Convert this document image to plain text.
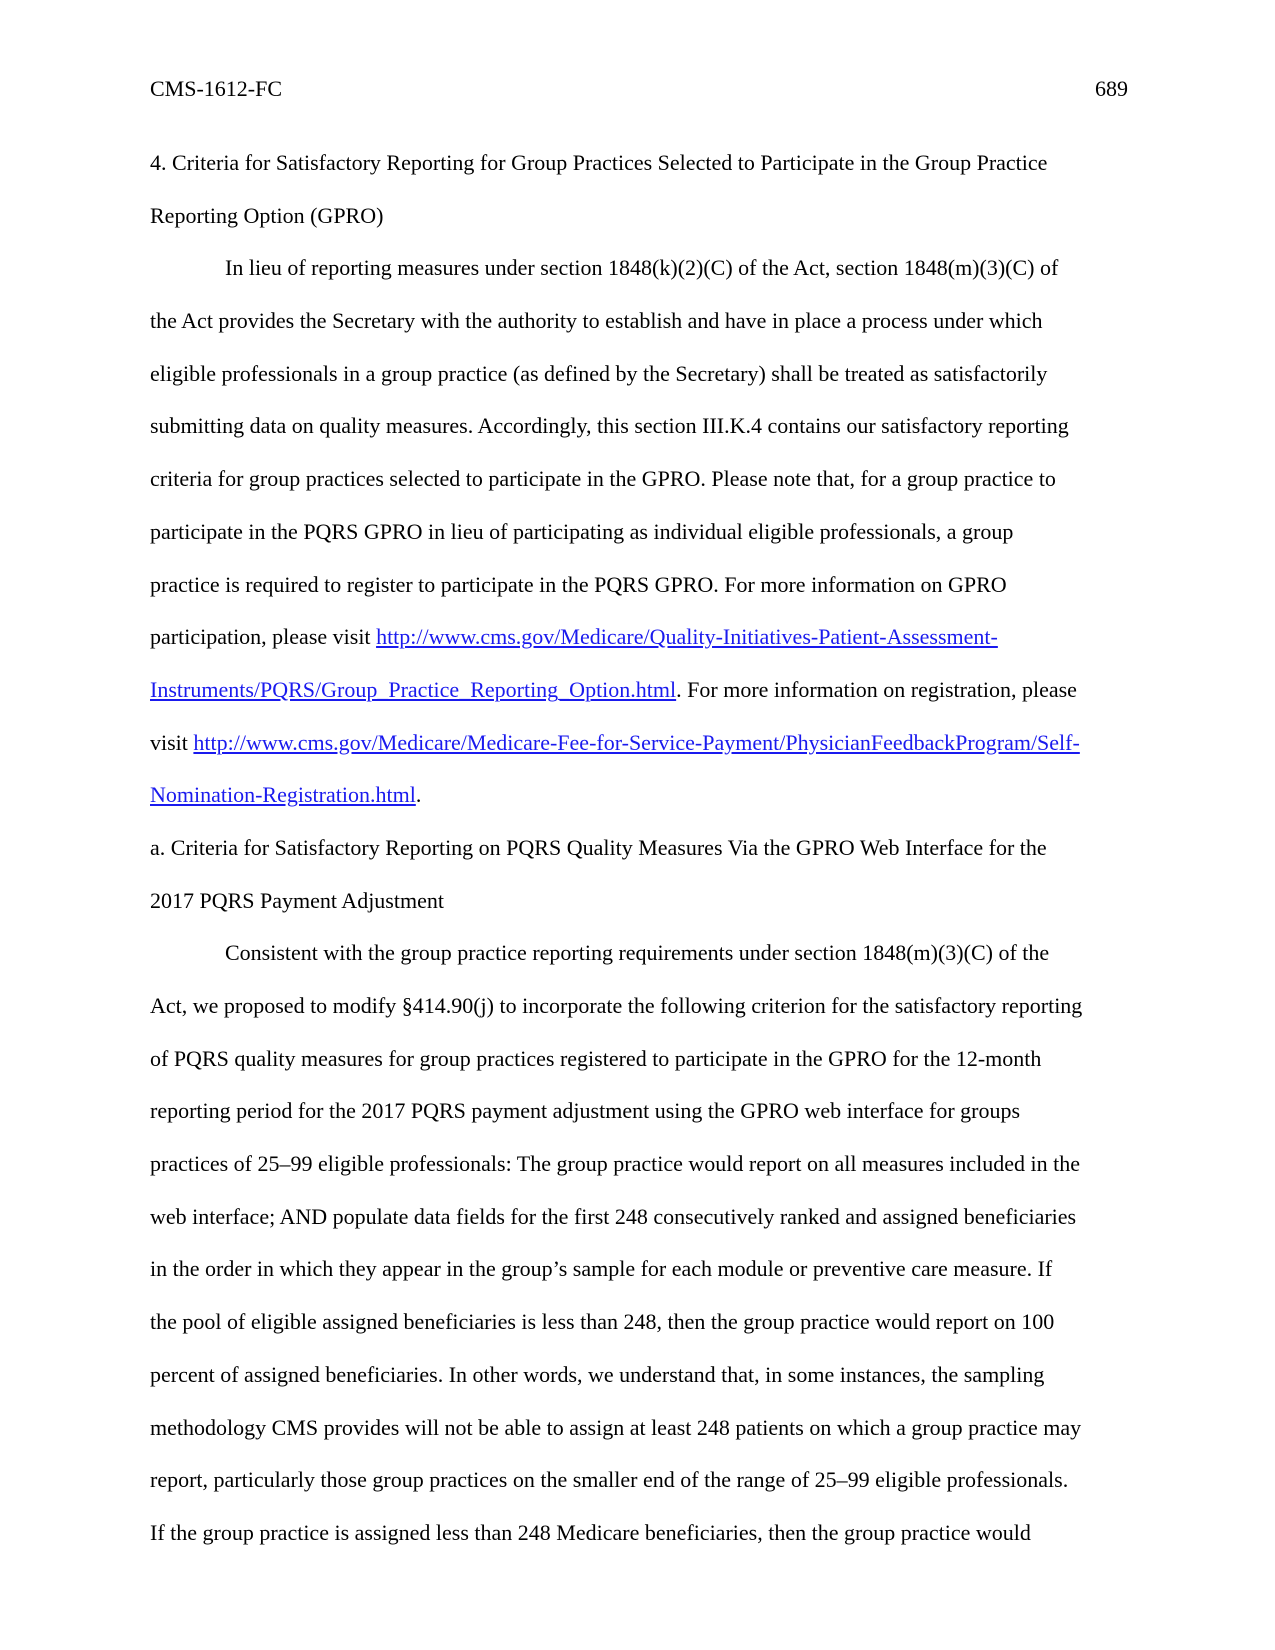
CMS-1612-FC	689
4. Criteria for Satisfactory Reporting for Group Practices Selected to Participate in the Group Practice
Reporting Option (GPRO)
In lieu of reporting measures under section 1848(k)(2)(C) of the Act, section 1848(m)(3)(C) of
the Act provides the Secretary with the authority to establish and have in place a process under which
eligible professionals in a group practice (as defined by the Secretary) shall be treated as satisfactorily
submitting data on quality measures. Accordingly, this section III.K.4 contains our satisfactory reporting
criteria for group practices selected to participate in the GPRO. Please note that, for a group practice to
participate in the PQRS GPRO in lieu of participating as individual eligible professionals, a group
practice is required to register to participate in the PQRS GPRO. For more information on GPRO
participation, please visit http://www.cms.gov/Medicare/Quality-Initiatives-Patient-Assessment-
Instruments/PQRS/Group_Practice_Reporting_Option.html. For more information on registration, please
visit http://www.cms.gov/Medicare/Medicare-Fee-for-Service-Payment/PhysicianFeedbackProgram/Self-
Nomination-Registration.html.
a. Criteria for Satisfactory Reporting on PQRS Quality Measures Via the GPRO Web Interface for the
2017 PQRS Payment Adjustment
Consistent with the group practice reporting requirements under section 1848(m)(3)(C) of the
Act, we proposed to modify §414.90(j) to incorporate the following criterion for the satisfactory reporting
of PQRS quality measures for group practices registered to participate in the GPRO for the 12-month
reporting period for the 2017 PQRS payment adjustment using the GPRO web interface for groups
practices of 25–99 eligible professionals: The group practice would report on all measures included in the
web interface; AND populate data fields for the first 248 consecutively ranked and assigned beneficiaries
in the order in which they appear in the group’s sample for each module or preventive care measure. If
the pool of eligible assigned beneficiaries is less than 248, then the group practice would report on 100
percent of assigned beneficiaries. In other words, we understand that, in some instances, the sampling
methodology CMS provides will not be able to assign at least 248 patients on which a group practice may
report, particularly those group practices on the smaller end of the range of 25–99 eligible professionals.
If the group practice is assigned less than 248 Medicare beneficiaries, then the group practice would
